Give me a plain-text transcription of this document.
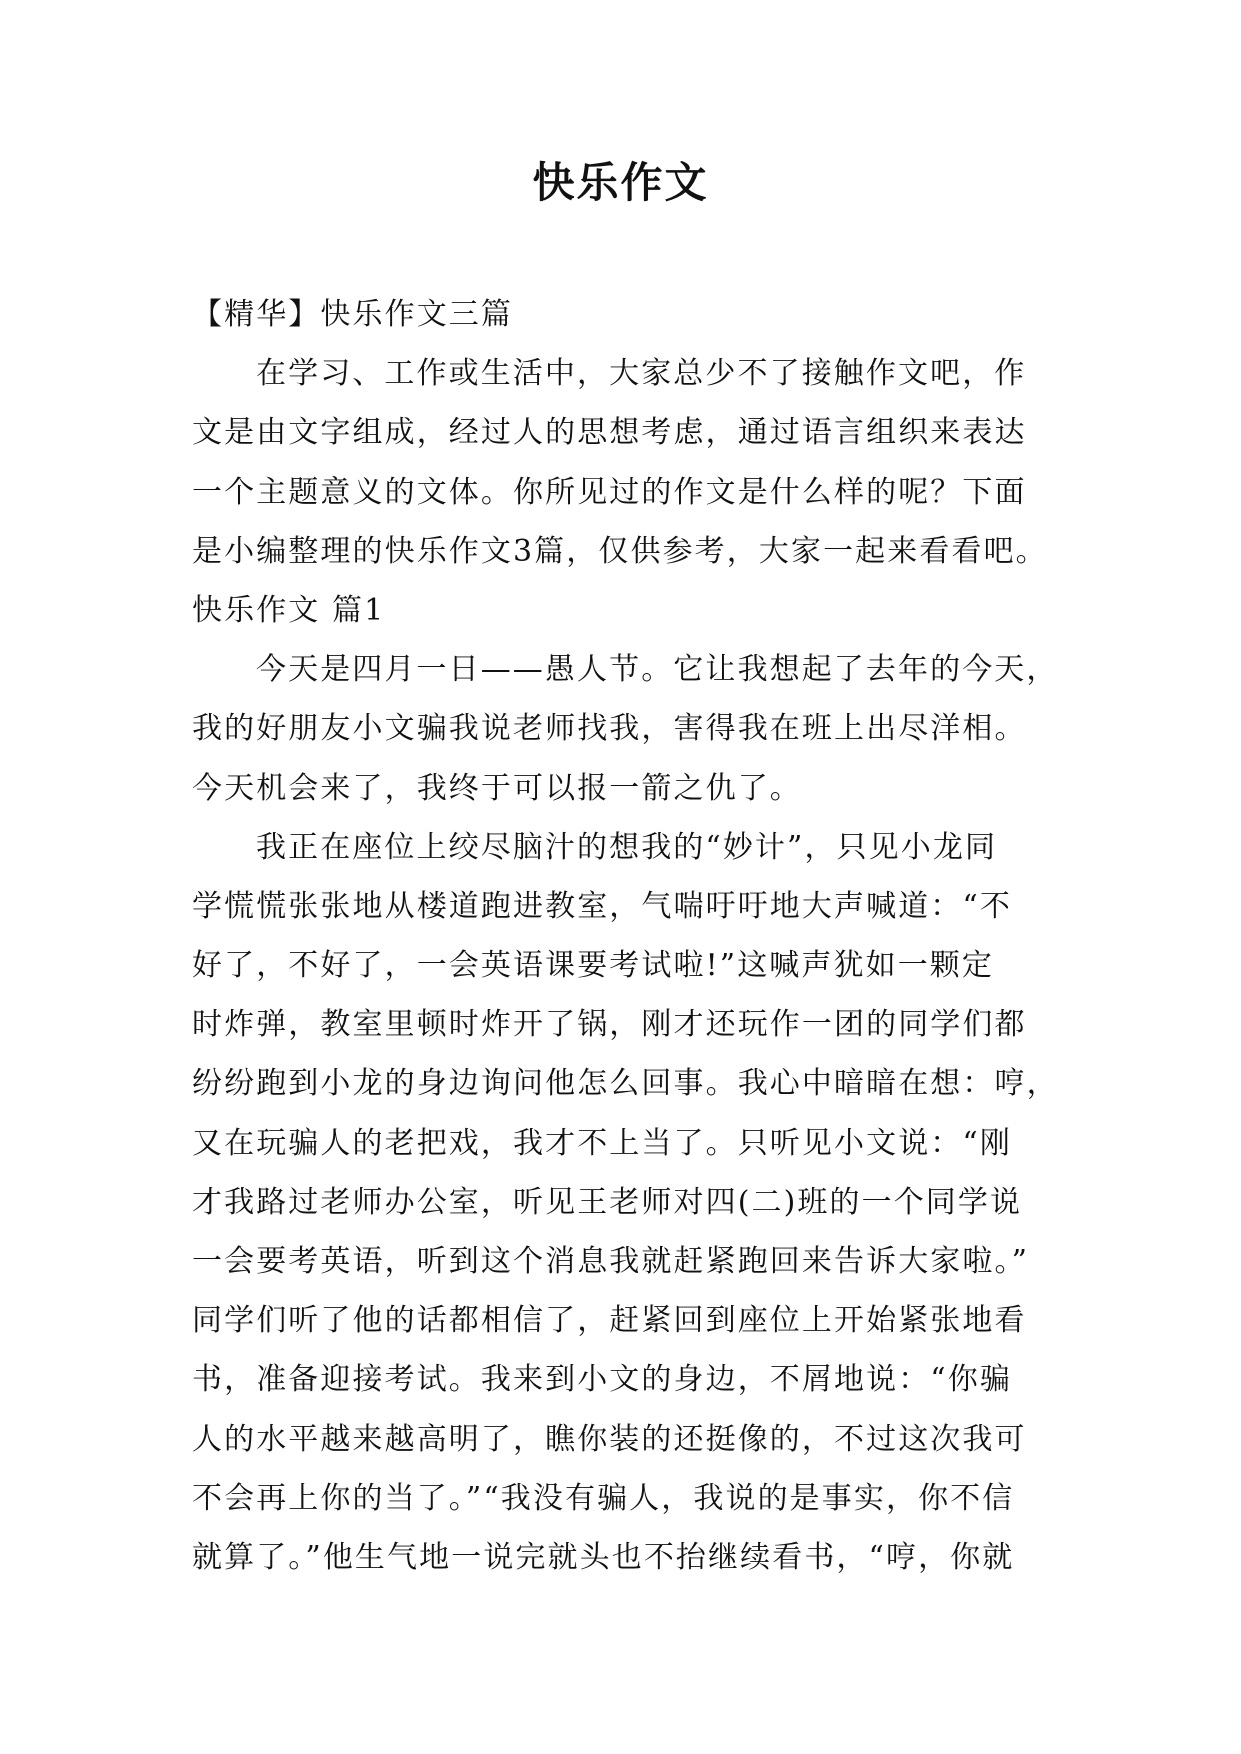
快乐作文
【精华】快乐作文三篇
在学习、工作或生活中，大家总少不了接触作文吧，作
文是由文字组成，经过人的思想考虑，通过语言组织来表达
一个主题意义的文体。你所见过的作文是什么样的呢？下面
是小编整理的快乐作文3篇，仅供参考，大家一起来看看吧。
快乐作文 篇1
今天是四月一日——愚人节。它让我想起了去年的今天，
我的好朋友小文骗我说老师找我，害得我在班上出尽洋相。
今天机会来了，我终于可以报一箭之仇了。
我正在座位上绞尽脑汁的想我的“妙计”，只见小龙同
学慌慌张张地从楼道跑进教室，气喘吁吁地大声喊道：“不
好了，不好了，一会英语课要考试啦!”这喊声犹如一颗定
时炸弹，教室里顿时炸开了锅，刚才还玩作一团的同学们都
纷纷跑到小龙的身边询问他怎么回事。我心中暗暗在想：哼，
又在玩骗人的老把戏，我才不上当了。只听见小文说：“刚
才我路过老师办公室，听见王老师对四(二)班的一个同学说
一会要考英语，听到这个消息我就赶紧跑回来告诉大家啦。”
同学们听了他的话都相信了，赶紧回到座位上开始紧张地看
书，准备迎接考试。我来到小文的身边，不屑地说：“你骗
人的水平越来越高明了，瞧你装的还挺像的，不过这次我可
不会再上你的当了。”“我没有骗人，我说的是事实，你不信
就算了。”他生气地一说完就头也不抬继续看书，“哼，你就
